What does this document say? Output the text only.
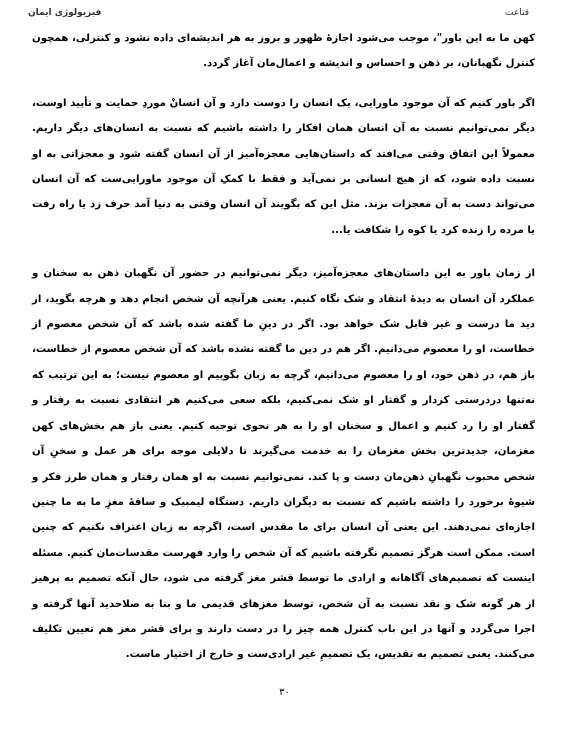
فیزیولوژی ایمان	قناعت

کهن ما به این باور"، موجب می‌شود اجازهٔ ظهور و بروز به هر اندیشه‌ای داده نشود و کنترلی، همچون کنترل نگهبانان، بر ذهن و احساس و اندیشه و اعمال‌مان آغاز گردد.

اگر باور کنیم که آن موجود ماورایی، یک انسان را دوست دارد و آن انسانْ موردِ حمایت و تأیید اوست، دیگر نمی‌توانیم نسبت به آن انسان همان افکار را داشته باشیم که نسبت به انسان‌های دیگر داریم. معمولاً این اتفاق وقتی می‌افتد که داستان‌هایی معجزه‌آمیز از آن انسان گفته شود و معجزاتی به او نسبت داده شود، که از هیچ انسانی بر نمی‌آید و فقط با کمکِ آن موجود ماورایی‌ست که آن انسان می‌تواند دست به آن معجزات بزند. مثل این که بگویند آن انسان وقتی به دنیا آمد حرف زد یا راه رفت یا مرده را زنده کرد یا کوه را شکافت یا...

از زمان باور به این داستان‌های معجزه‌آمیز، دیگر نمی‌توانیم در حضور آن نگهبان ذهن به سخنان و عملکرد آن انسان به دیدهٔ انتقاد و شک نگاه کنیم. یعنی هرآنچه آن شخص انجام دهد و هرچه بگوید، از دید ما درست و غیر قابل شک خواهد بود. اگر در دینِ ما گفته شده باشد که آن شخص معصوم از خطاست، او را معصوم می‌دانیم. اگر هم در دین ما گفته نشده باشد که آن شخص معصوم از خطاست، باز هم، در ذهن خود، او را معصوم می‌دانیم، گرچه به زبان بگوییم او معصوم نیست؛ به این ترتیب که نه‌تنها دردرستی کردار و گفتار او شک نمی‌کنیم، بلکه سعی می‌کنیم هر انتقادی نسبت به رفتار و گفتار او را رد کنیم و اعمال و سخنان او را به هر نحوی توجیه کنیم. یعنی باز هم بخش‌های کهن مغزمان، جدیدترین بخش مغزمان را به خدمت می‌گیرند تا دلایلی موجه برای هر عمل و سخنِ آن شخص محبوب نگهبانِ ذهن‌مان دست و پا کند. نمی‌توانیم نسبت به او همان رفتار و همان طرز فکر و شیوهٔ برخورد را داشته باشیم که نسبت به دیگران داریم. دستگاه لیمبیک و ساقهٔ مغزِ ما به ما چنین اجازه‌ای نمی‌دهند. این یعنی آن انسان برای ما مقدس است، اگرچه به زبان اعتراف نکنیم که چنین است. ممکن است هرگز تصمیم نگرفته باشیم که آن شخص را وارد فهرست مقدسات‌مان کنیم. مسئله اینست که تصمیم‌های آگاهانه و ارادی ما توسط قشر مغز گرفته می شود، حال آنکه تصمیم به پرهیز از هر گونه شک و نقد نسبت به آن شخص، توسط مغزهای قدیمی ما و بنا به صلاحدید آنها گرفته و اجرا می‌گردد و آنها در این باب کنترل همه چیز را در دست دارند و برای قشر مغز هم تعیین تکلیف می‌کنند. یعنی تصمیم به تقدیس، یک تصمیمِ غیر ارادی‌ست و خارج از اختیار ماست.

۳۰
